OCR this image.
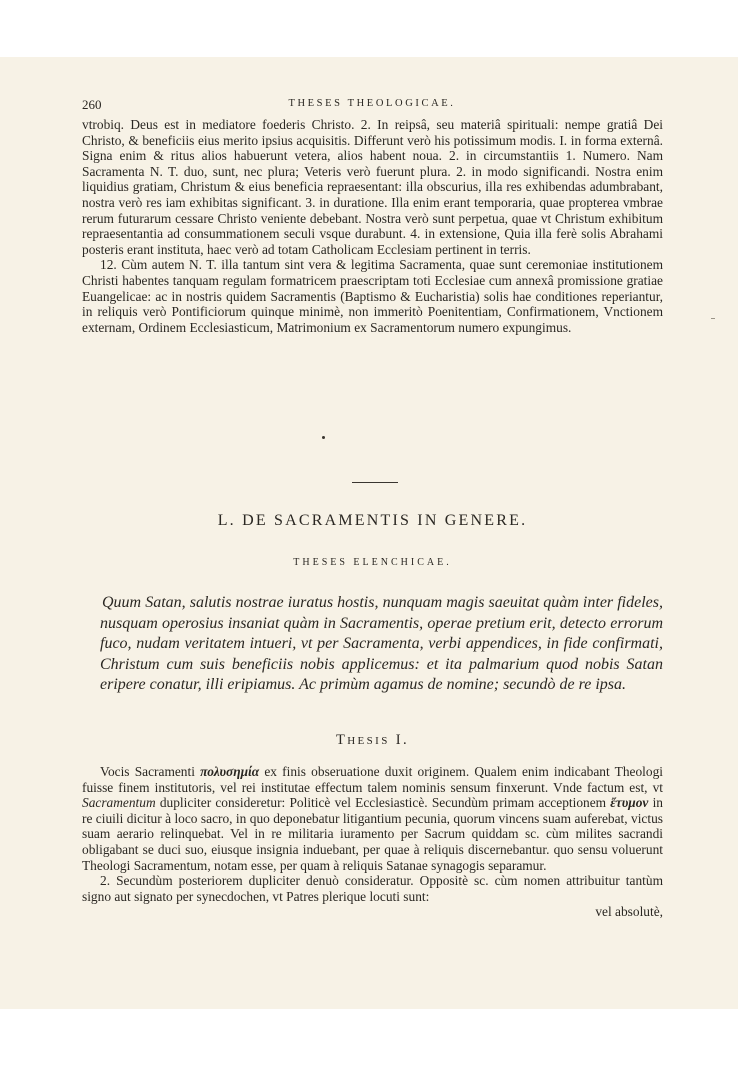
260	THESES THEOLOGICAE.

vtrobiq. Deus est in mediatore foederis Christo. 2. In reipsâ, seu materiâ spirituali: nempe gratiâ Dei Christo, & beneficiis eius merito ipsius acquisitis. Differunt verò his potissimum modis. I. in forma externâ. Signa enim & ritus alios habuerunt vetera, alios habent noua. 2. in circumstantiis 1. Numero. Nam Sacramenta N. T. duo, sunt, nec plura; Veteris verò fuerunt plura. 2. in modo significandi. Nostra enim liquidius gratiam, Christum & eius beneficia repraesentant: illa obscurius, illa res exhibendas adumbrabant, nostra verò res iam exhibitas significant. 3. in duratione. Illa enim erant temporaria, quae propterea vmbrae rerum futurarum cessare Christo veniente debebant. Nostra verò sunt perpetua, quae vt Christum exhibitum repraesentantia ad consummationem seculi vsque durabunt. 4. in extensione, Quia illa ferè solis Abrahami posteris erant instituta, haec verò ad totam Catholicam Ecclesiam pertinent in terris.

12. Cùm autem N. T. illa tantum sint vera & legitima Sacramenta, quae sunt ceremoniae institutionem Christi habentes tanquam regulam formatricem praescriptam toti Ecclesiae cum annexâ promissione gratiae Euangelicae: ac in nostris quidem Sacramentis (Baptismo & Eucharistia) solis hae conditiones reperiantur, in reliquis verò Pontificiorum quinque minimè, non immeritò Poenitentiam, Confirmationem, Vnctionem externam, Ordinem Ecclesiasticum, Matrimonium ex Sacramentorum numero expungimus.

L. DE SACRAMENTIS IN GENERE.
THESES ELENCHICAE.
Quum Satan, salutis nostrae iuratus hostis, nunquam magis saeuitat quàm inter fideles, nusquam operosius insaniat quàm in Sacramentis, operae pretium erit, detecto errorum fuco, nudam veritatem intueri, vt per Sacramenta, verbi appendices, in fide confirmati, Christum cum suis beneficiis nobis applicemus: et ita palmarium quod nobis Satan eripere conatur, illi eripiamus. Ac primùm agamus de nomine; secundò de re ipsa.
THESIS I.

Vocis Sacramenti πολυσημία ex finis obseruatione duxit originem. Qualem enim indicabant Theologi fuisse finem institutoris, vel rei institutae effectum talem nominis sensum finxerunt. Vnde factum est, vt Sacramentum dupliciter consideretur: Politicè vel Ecclesiasticè. Secundùm primam acceptionem ἔτυμον in re ciuili dicitur à loco sacro, in quo deponebatur litigantium pecunia, quorum vincens suam auferebat, victus suam aerario relinquebat. Vel in re militaria iuramento per Sacrum quiddam sc. cùm milites sacrandi obligabant se duci suo, eiusque insignia induebant, per quae à reliquis discernebantur. quo sensu voluerunt Theologi Sacramentum, notam esse, per quam à reliquis Satanae synagogis separamur.

2. Secundùm posteriorem dupliciter denuò consideratur. Oppositè sc. cùm nomen attribuitur tantùm signo aut signato per synecdochen, vt Patres plerique locuti sunt:

vel absolutè,
